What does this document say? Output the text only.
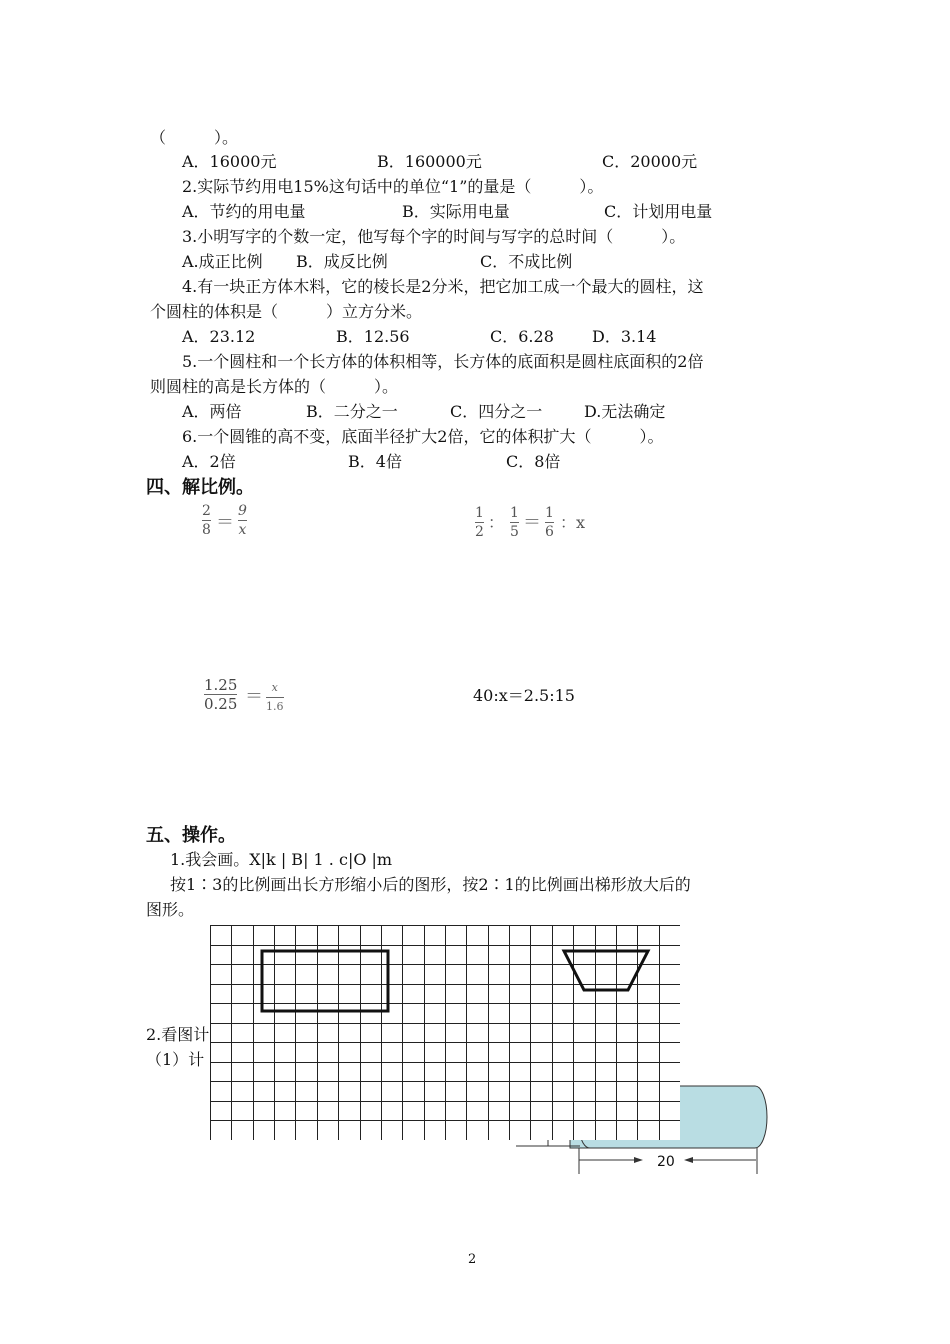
（　　　）。
A．16000元	B．160000元	C．20000元
2.实际节约用电15%这句话中的单位“1”的量是（　　　）。
A．节约的用电量	B．实际用电量	C．计划用电量
3.小明写字的个数一定，他写每个字的时间与写字的总时间（　　　）。
A.成正比例 B．成反比例	C．不成比例
4.有一块正方体木料，它的棱长是2分米，把它加工成一个最大的圆柱，这
个圆柱的体积是（　　　）立方分米。
A．23.12	B．12.56	C．6.28 D．3.14
5.一个圆柱和一个长方体的体积相等，长方体的底面积是圆柱底面积的2倍
则圆柱的高是长方体的（　　　）。
A．两倍	B．二分之一	C．四分之一	D.无法确定
6.一个圆锥的高不变，底面半径扩大2倍，它的体积扩大（　　　）。
A．2倍	B．4倍	C．8倍
四、解比例。
2
8 ＝
9
x
1
2 ： 1
5 ＝ 1
6 ：x
1.25
0.25 ＝ x
1.6
40:x＝2.5:15
五、操作。
1.我会画。X|k | B| 1 . c|O |m
按1∶3的比例画出长方形缩小后的图形，按2∶1的比例画出梯形放大后的
图形。
2.看图计
（1）计
20
2
